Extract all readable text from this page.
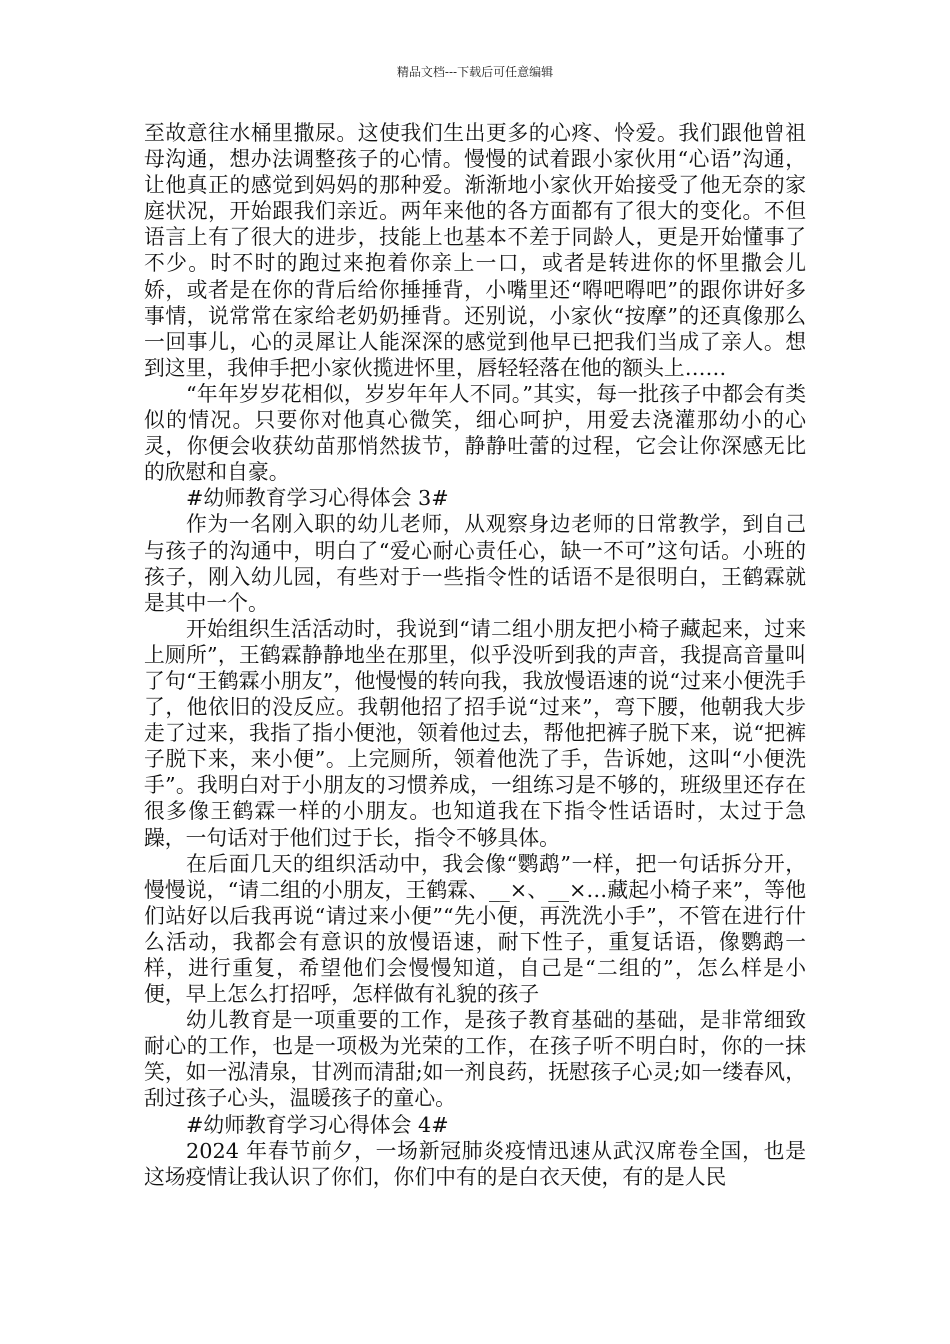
精品文档---下载后可任意编辑

至故意往水桶里撒尿。这使我们生出更多的心疼、怜爱。我们跟他曾祖母沟通，想办法调整孩子的心情。慢慢的试着跟小家伙用“心语”沟通，让他真正的感觉到妈妈的那种爱。渐渐地小家伙开始接受了他无奈的家庭状况，开始跟我们亲近。两年来他的各方面都有了很大的变化。不但语言上有了很大的进步，技能上也基本不差于同龄人，更是开始懂事了不少。时不时的跑过来抱着你亲上一口，或者是转进你的怀里撒会儿娇，或者是在你的背后给你捶捶背，小嘴里还“嘚吧嘚吧”的跟你讲好多事情，说常常在家给老奶奶捶背。还别说，小家伙“按摩”的还真像那么一回事儿，心的灵犀让人能深深的感觉到他早已把我们当成了亲人。想到这里，我伸手把小家伙揽进怀里，唇轻轻落在他的额头上……

“年年岁岁花相似，岁岁年年人不同。”其实，每一批孩子中都会有类似的情况。只要你对他真心微笑，细心呵护，用爱去浇灌那幼小的心灵，你便会收获幼苗那悄然拔节，静静吐蕾的过程，它会让你深感无比的欣慰和自豪。

#幼师教育学习心得体会 3#

作为一名刚入职的幼儿老师，从观察身边老师的日常教学，到自己与孩子的沟通中，明白了“爱心耐心责任心，缺一不可”这句话。小班的孩子，刚入幼儿园，有些对于一些指令性的话语不是很明白，王鹤霖就是其中一个。

开始组织生活活动时，我说到“请二组小朋友把小椅子藏起来，过来上厕所”，王鹤霖静静地坐在那里，似乎没听到我的声音，我提高音量叫了句“王鹤霖小朋友”，他慢慢的转向我，我放慢语速的说“过来小便洗手了，他依旧的没反应。我朝他招了招手说“过来”，弯下腰，他朝我大步走了过来，我指了指小便池，领着他过去，帮他把裤子脱下来，说“把裤子脱下来，来小便”。上完厕所，领着他洗了手，告诉她，这叫“小便洗手”。我明白对于小朋友的习惯养成，一组练习是不够的，班级里还存在很多像王鹤霖一样的小朋友。也知道我在下指令性话语时，太过于急躁，一句话对于他们过于长，指令不够具体。

在后面几天的组织活动中，我会像“鹦鹉”一样，把一句话拆分开，慢慢说，“请二组的小朋友，王鹤霖、__×、__×…藏起小椅子来”，等他们站好以后我再说“请过来小便”“先小便，再洗洗小手”，不管在进行什么活动，我都会有意识的放慢语速，耐下性子，重复话语，像鹦鹉一样，进行重复，希望他们会慢慢知道，自己是“二组的”，怎么样是小便，早上怎么打招呼，怎样做有礼貌的孩子

幼儿教育是一项重要的工作，是孩子教育基础的基础，是非常细致耐心的工作，也是一项极为光荣的工作，在孩子听不明白时，你的一抹笑，如一泓清泉，甘冽而清甜;如一剂良药，抚慰孩子心灵;如一缕春风，刮过孩子心头，温暖孩子的童心。

#幼师教育学习心得体会 4#

2024 年春节前夕，一场新冠肺炎疫情迅速从武汉席卷全国，也是这场疫情让我认识了你们，你们中有的是白衣天使，有的是人民
